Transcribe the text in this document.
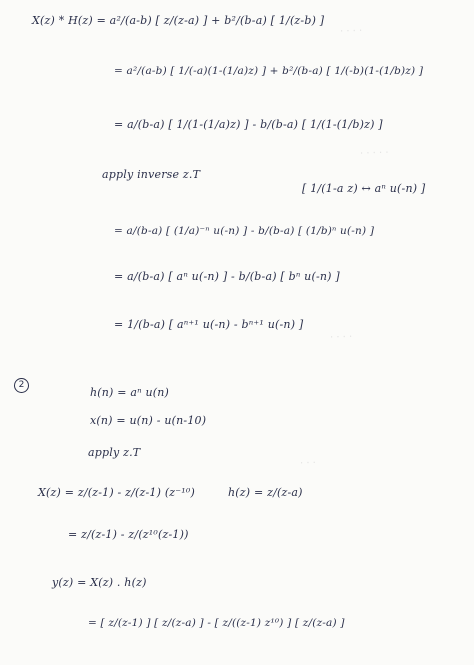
· · · ·
· · · · ·
· · · ·
· · ·
X(z) * H(z) = a²/(a-b) [ z/(z-a) ] + b²/(b-a) [ 1/(z-b) ]
= a²/(a-b) [ 1/(-a)(1-(1/a)z) ] + b²/(b-a) [ 1/(-b)(1-(1/b)z) ]
= a/(b-a) [ 1/(1-(1/a)z) ] - b/(b-a) [ 1/(1-(1/b)z) ]
apply inverse z.T
[ 1/(1-a z) ↔ aⁿ u(-n) ]
= a/(b-a) [ (1/a)⁻ⁿ u(-n) ] - b/(b-a) [ (1/b)ⁿ u(-n) ]
= a/(b-a) [ aⁿ u(-n) ] - b/(b-a) [ bⁿ u(-n) ]
= 1/(b-a) [ aⁿ⁺¹ u(-n) - bⁿ⁺¹ u(-n) ]
2
h(n) = aⁿ u(n)
x(n) = u(n) - u(n-10)
apply z.T
X(z) = z/(z-1) - z/(z-1) (z⁻¹⁰)	h(z) = z/(z-a)
= z/(z-1) - z/(z¹⁰(z-1))
y(z) = X(z) . h(z)
= [ z/(z-1) ] [ z/(z-a) ] - [ z/((z-1) z¹⁰) ] [ z/(z-a) ]
